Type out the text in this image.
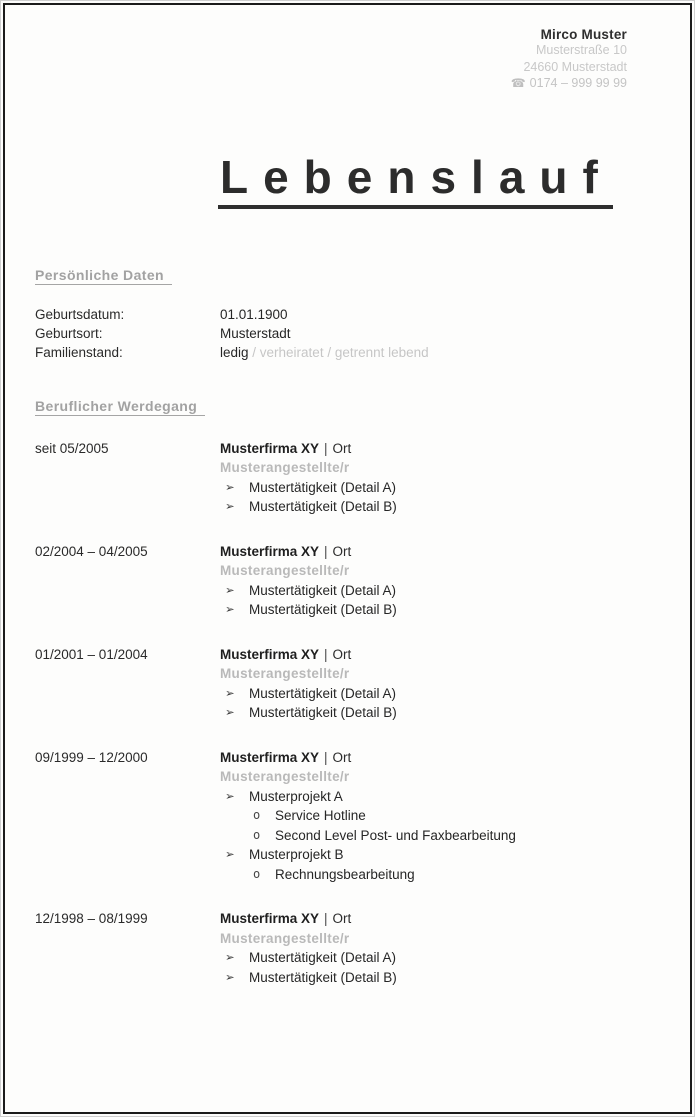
Mirco Muster
Musterstraße 10
24660 Musterstadt
☎ 0174 – 999 99 99
Lebenslauf
Persönliche Daten
Geburtsdatum:	01.01.1900
Geburtsort:	Musterstadt
Familienstand:	ledig / verheiratet / getrennt lebend
Beruflicher Werdegang
seit 05/2005	Musterfirma XY | Ort
Musterangestellte/r
➢	Mustertätigkeit (Detail A)
➢	Mustertätigkeit (Detail B)
02/2004 – 04/2005	Musterfirma XY | Ort
Musterangestellte/r
➢	Mustertätigkeit (Detail A)
➢	Mustertätigkeit (Detail B)
01/2001 – 01/2004	Musterfirma XY | Ort
Musterangestellte/r
➢	Mustertätigkeit (Detail A)
➢	Mustertätigkeit (Detail B)
09/1999 – 12/2000	Musterfirma XY | Ort
Musterangestellte/r
➢	Musterprojekt A
o	Service Hotline
o	Second Level Post- und Faxbearbeitung
➢	Musterprojekt B
o	Rechnungsbearbeitung
12/1998 – 08/1999	Musterfirma XY | Ort
Musterangestellte/r
➢	Mustertätigkeit (Detail A)
➢	Mustertätigkeit (Detail B)
